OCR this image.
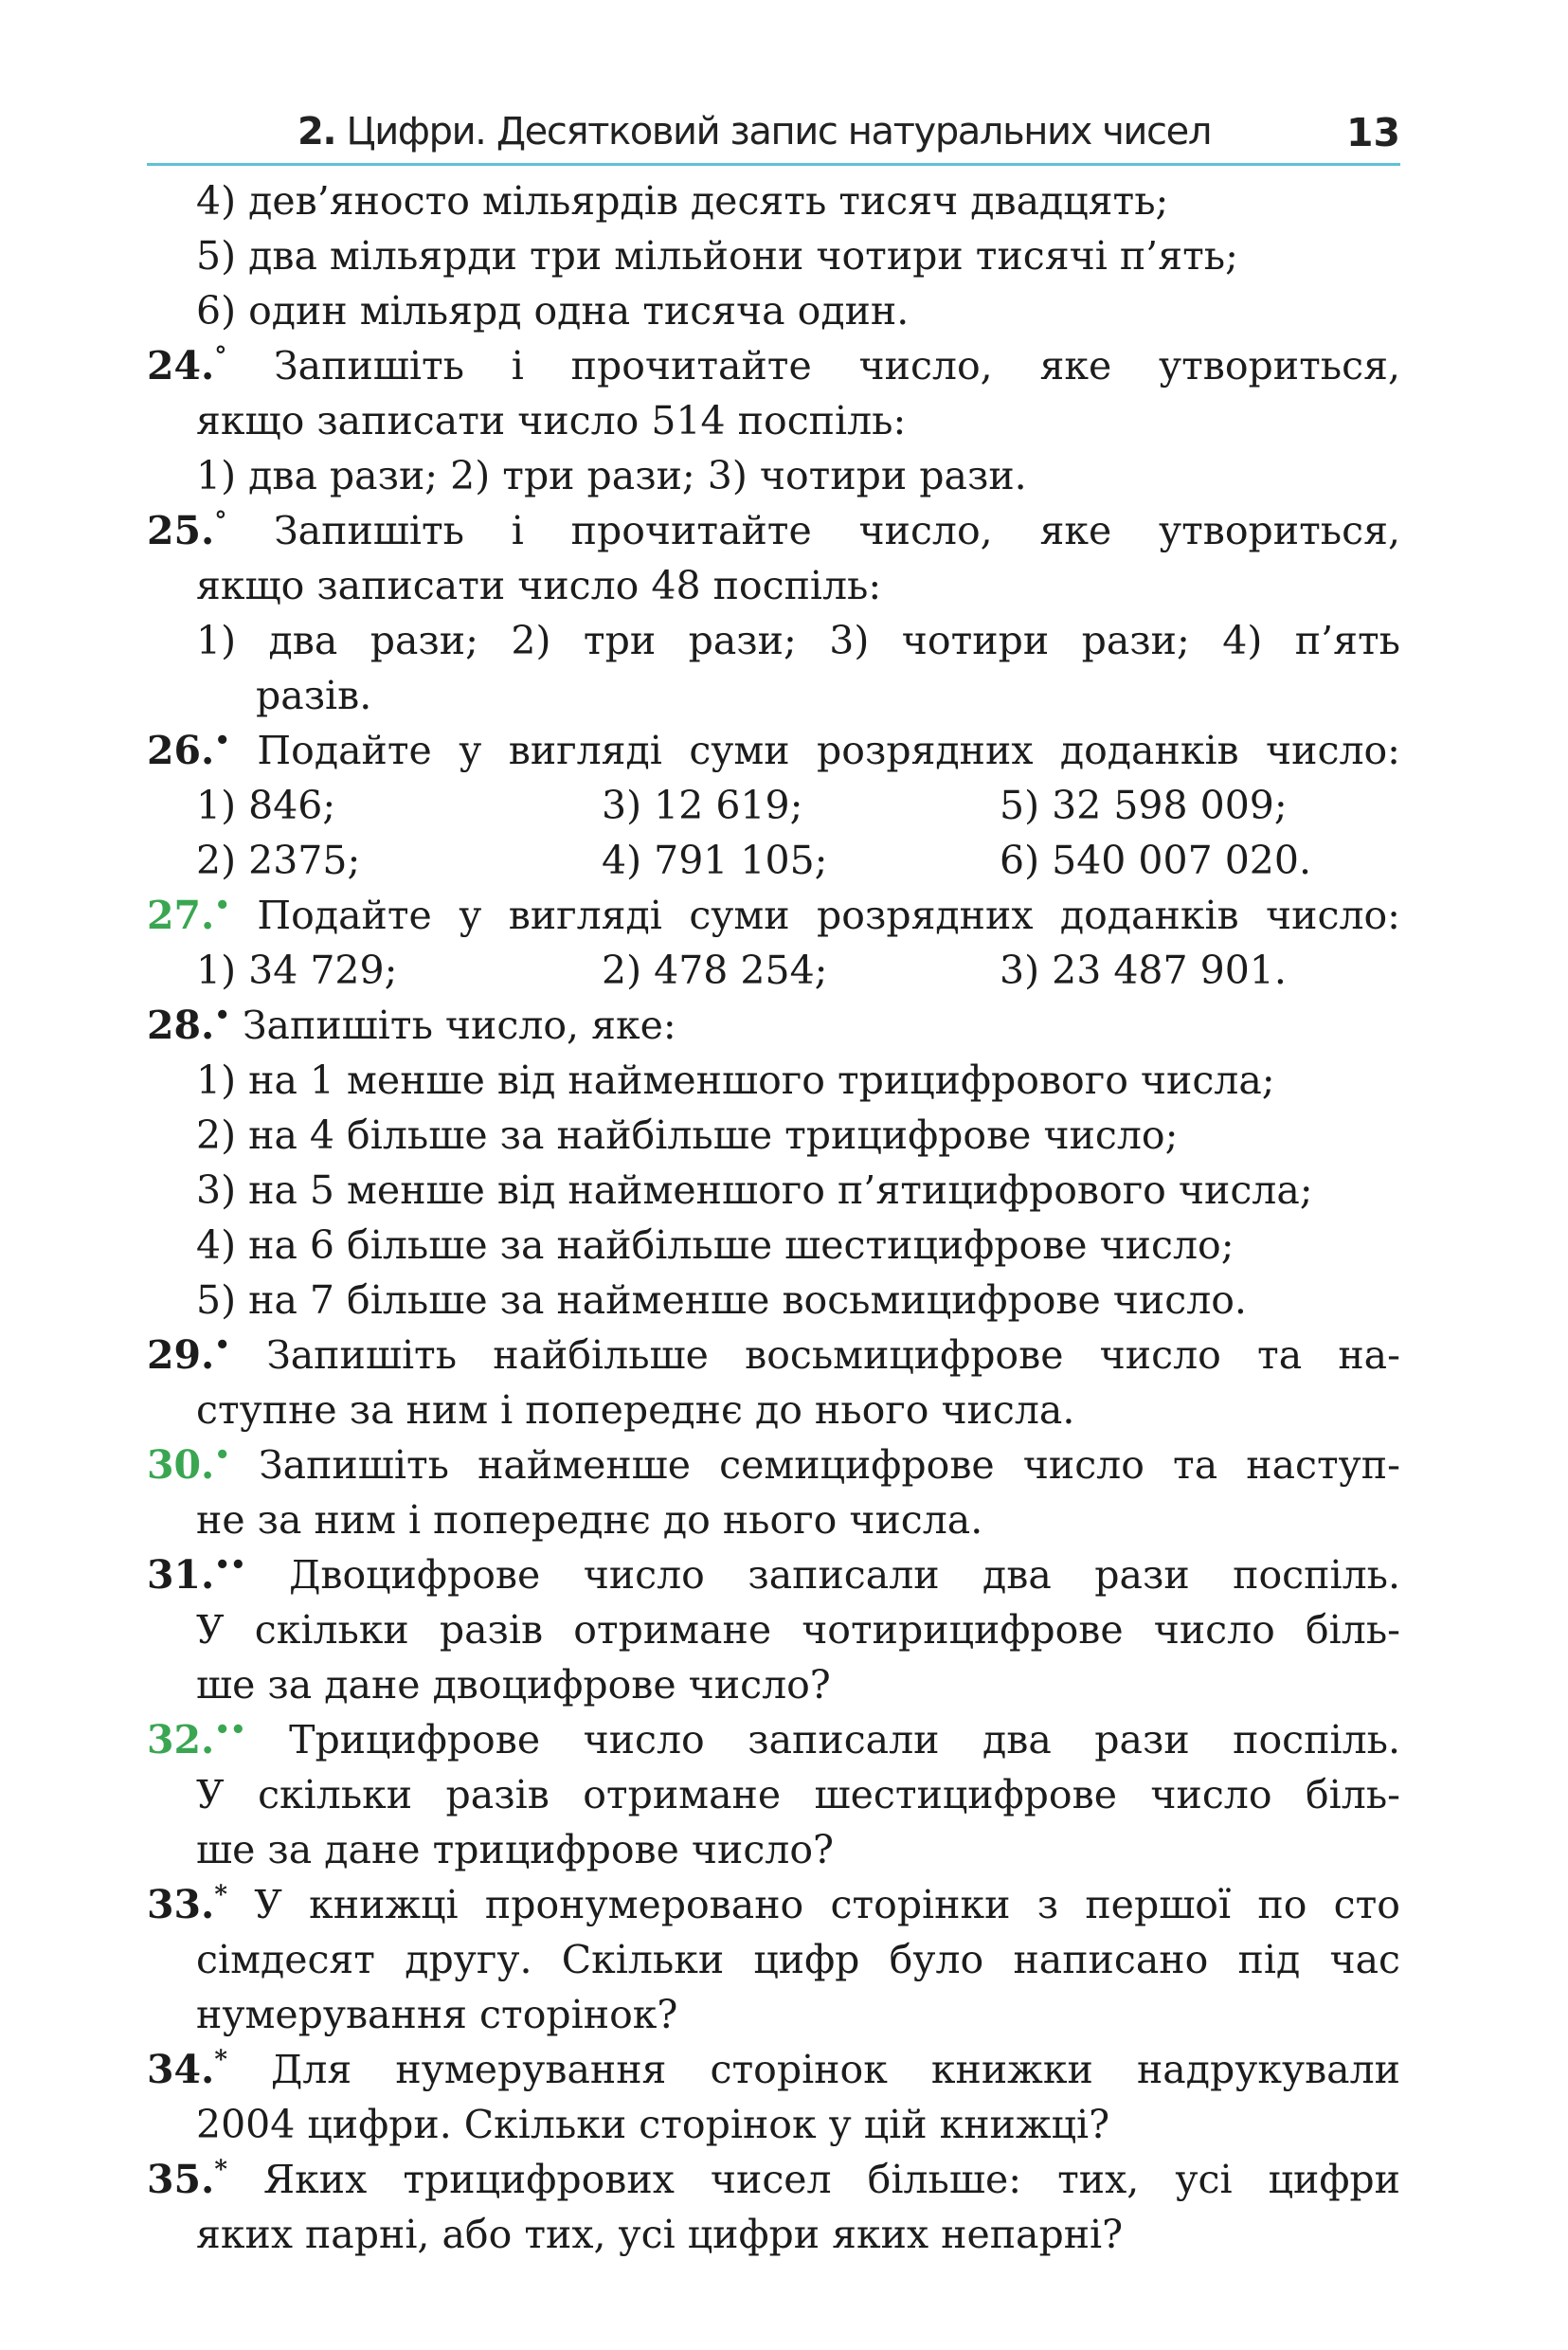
2. Цифри. Десятковий запис натуральних чисел	13
4) дев’яносто мільярдів десять тисяч двадцять;
5) два мільярди три мільйони чотири тисячі п’ять;
6) один мільярд одна тисяча один.
24.° Запишіть і прочитайте число, яке утвориться,
якщо записати число 514 поспіль:
1) два рази; 2) три рази; 3) чотири рази.
25.° Запишіть і прочитайте число, яке утвориться,
якщо записати число 48 поспіль:
1) два рази; 2) три рази; 3) чотири рази; 4) п’ять
разів.
26.• Подайте у вигляді суми розрядних доданків число:
1) 846;	3) 12 619;	5) 32 598 009;
2) 2375;	4) 791 105;	6) 540 007 020.
27.• Подайте у вигляді суми розрядних доданків число:
1) 34 729;	2) 478 254;	3) 23 487 901.
28.• Запишіть число, яке:
1) на 1 менше від найменшого трицифрового числа;
2) на 4 більше за найбільше трицифрове число;
3) на 5 менше від найменшого п’ятицифрового числа;
4) на 6 більше за найбільше шестицифрове число;
5) на 7 більше за найменше восьмицифрове число.
29.• Запишіть найбільше восьмицифрове число та на-
ступне за ним і попереднє до нього числа.
30.• Запишіть найменше семицифрове число та наступ-
не за ним і попереднє до нього числа.
31.•• Двоцифрове число записали два рази поспіль.
У скільки разів отримане чотирицифрове число біль-
ше за дане двоцифрове число?
32.•• Трицифрове число записали два рази поспіль.
У скільки разів отримане шестицифрове число біль-
ше за дане трицифрове число?
33.* У книжці пронумеровано сторінки з першої по сто
сімдесят другу. Скільки цифр було написано під час
нумерування сторінок?
34.* Для нумерування сторінок книжки надрукували
2004 цифри. Скільки сторінок у цій книжці?
35.* Яких трицифрових чисел більше: тих, усі цифри
яких парні, або тих, усі цифри яких непарні?
